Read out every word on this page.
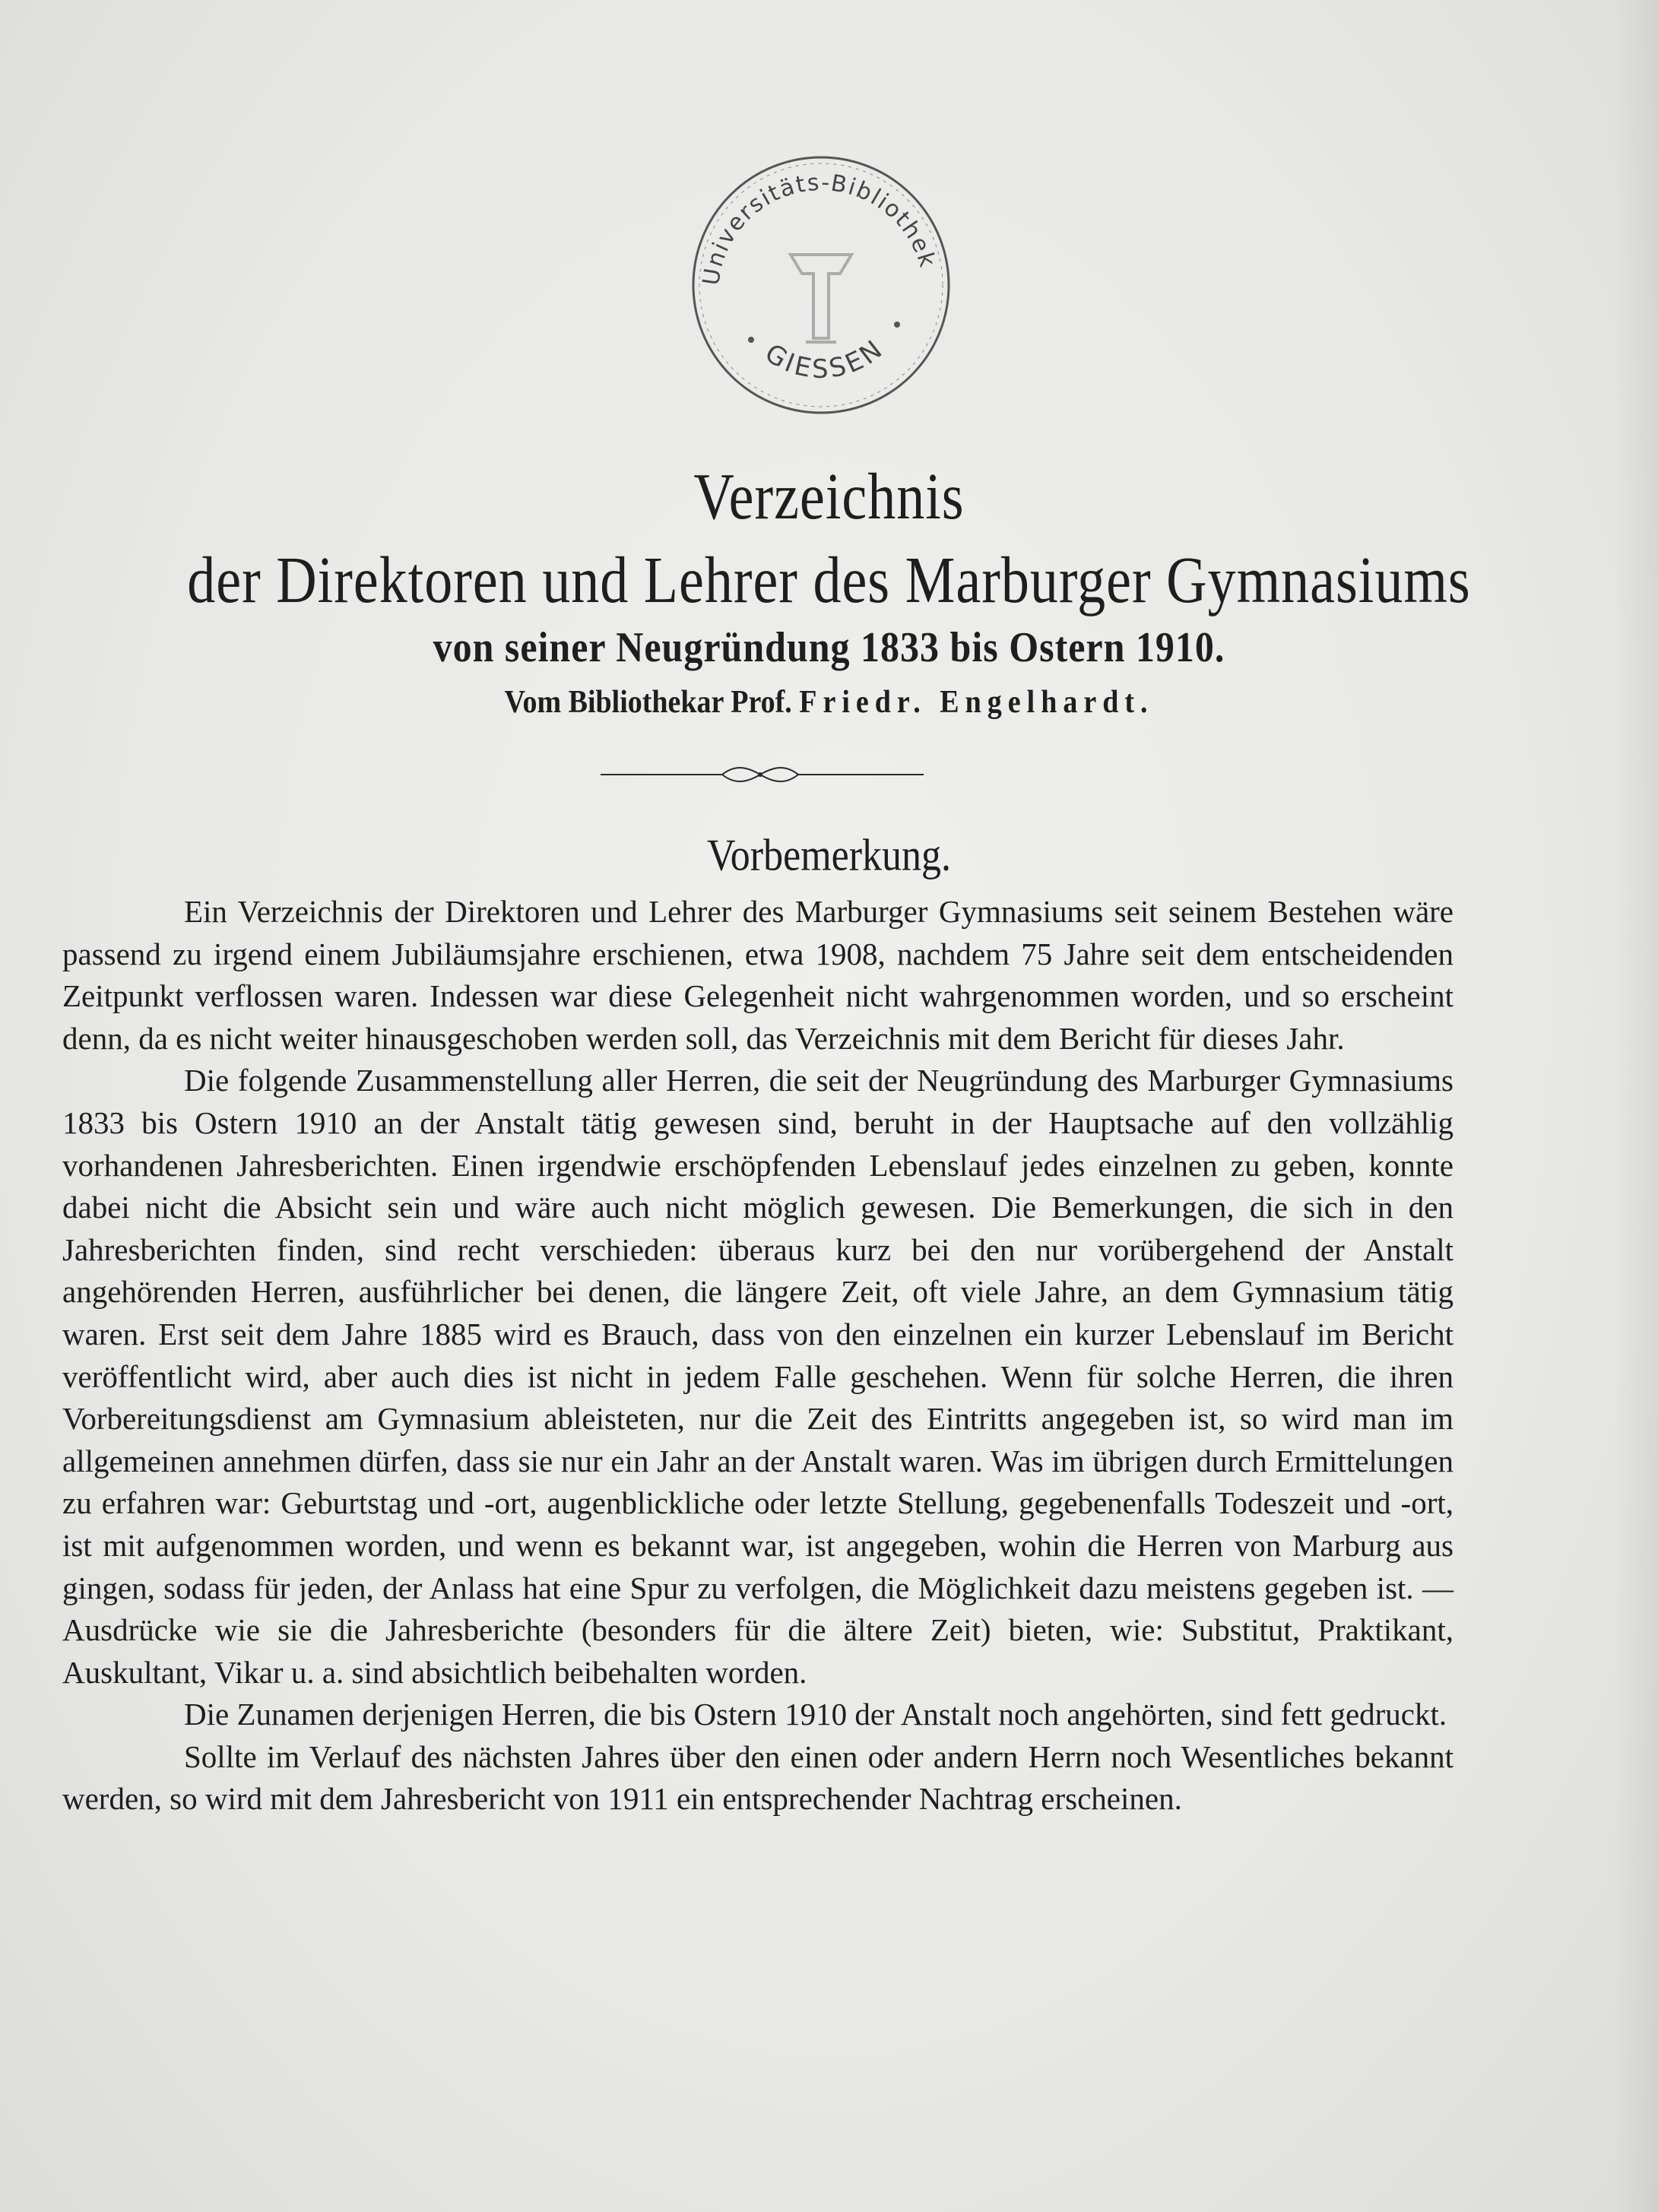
Universitäts-Bibliothek
GIESSEN
Verzeichnis
der Direktoren und Lehrer des Marburger Gymnasiums
von seiner Neugründung 1833 bis Ostern 1910.
Vom Bibliothekar Prof. Friedr. Engelhardt.
Vorbemerkung.

Ein Verzeichnis der Direktoren und Lehrer des Marburger Gymnasiums seit seinem Bestehen wäre passend zu irgend einem Jubiläumsjahre erschienen, etwa 1908, nachdem 75 Jahre seit dem entscheidenden Zeitpunkt verflossen waren. Indessen war diese Gelegenheit nicht wahrgenommen worden, und so erscheint denn, da es nicht weiter hinausgeschoben werden soll, das Verzeichnis mit dem Bericht für dieses Jahr.

Die folgende Zusammenstellung aller Herren, die seit der Neugründung des Marburger Gymnasiums 1833 bis Ostern 1910 an der Anstalt tätig gewesen sind, beruht in der Hauptsache auf den vollzählig vorhandenen Jahresberichten. Einen irgendwie erschöpfenden Lebenslauf jedes einzelnen zu geben, konnte dabei nicht die Absicht sein und wäre auch nicht möglich gewesen. Die Bemerkungen, die sich in den Jahresberichten finden, sind recht verschieden: überaus kurz bei den nur vorübergehend der Anstalt angehörenden Herren, ausführlicher bei denen, die längere Zeit, oft viele Jahre, an dem Gymnasium tätig waren. Erst seit dem Jahre 1885 wird es Brauch, dass von den einzelnen ein kurzer Lebenslauf im Bericht veröffentlicht wird, aber auch dies ist nicht in jedem Falle geschehen. Wenn für solche Herren, die ihren Vorbereitungsdienst am Gymnasium ableisteten, nur die Zeit des Eintritts angegeben ist, so wird man im allgemeinen annehmen dürfen, dass sie nur ein Jahr an der Anstalt waren. Was im übrigen durch Ermittelungen zu erfahren war: Geburtstag und -ort, augenblickliche oder letzte Stellung, gegebenenfalls Todeszeit und -ort, ist mit aufgenommen worden, und wenn es bekannt war, ist angegeben, wohin die Herren von Marburg aus gingen, sodass für jeden, der Anlass hat eine Spur zu verfolgen, die Möglichkeit dazu meistens gegeben ist. — Ausdrücke wie sie die Jahresberichte (besonders für die ältere Zeit) bieten, wie: Substitut, Praktikant, Auskultant, Vikar u. a. sind absichtlich beibehalten worden.

Die Zunamen derjenigen Herren, die bis Ostern 1910 der Anstalt noch angehörten, sind fett gedruckt.

Sollte im Verlauf des nächsten Jahres über den einen oder andern Herrn noch Wesentliches bekannt werden, so wird mit dem Jahresbericht von 1911 ein entsprechender Nachtrag erscheinen.
